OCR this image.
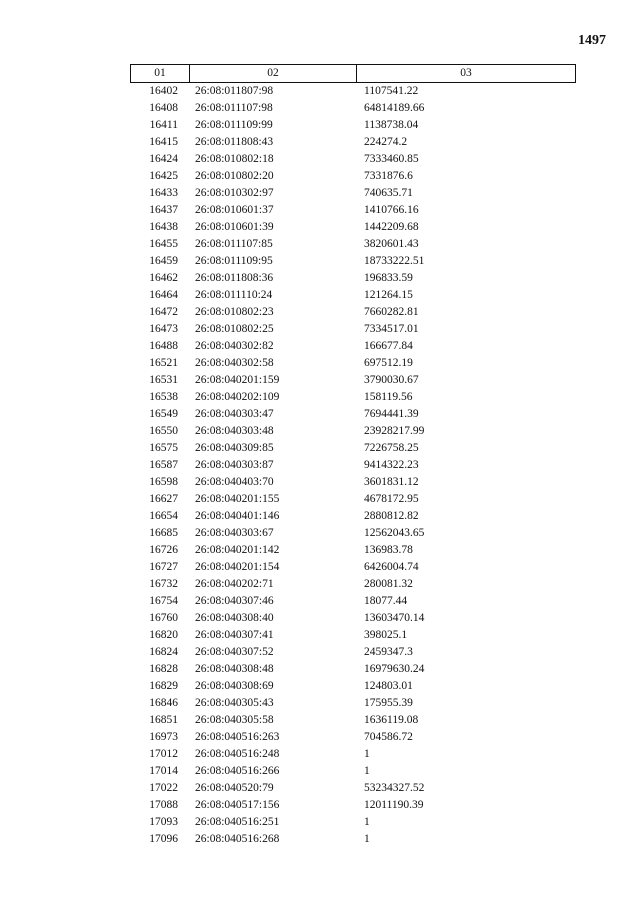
1497
01	02	03
16402	26:08:011807:98	1107541.22
16408	26:08:011107:98	64814189.66
16411	26:08:011109:99	1138738.04
16415	26:08:011808:43	224274.2
16424	26:08:010802:18	7333460.85
16425	26:08:010802:20	7331876.6
16433	26:08:010302:97	740635.71
16437	26:08:010601:37	1410766.16
16438	26:08:010601:39	1442209.68
16455	26:08:011107:85	3820601.43
16459	26:08:011109:95	18733222.51
16462	26:08:011808:36	196833.59
16464	26:08:011110:24	121264.15
16472	26:08:010802:23	7660282.81
16473	26:08:010802:25	7334517.01
16488	26:08:040302:82	166677.84
16521	26:08:040302:58	697512.19
16531	26:08:040201:159	3790030.67
16538	26:08:040202:109	158119.56
16549	26:08:040303:47	7694441.39
16550	26:08:040303:48	23928217.99
16575	26:08:040309:85	7226758.25
16587	26:08:040303:87	9414322.23
16598	26:08:040403:70	3601831.12
16627	26:08:040201:155	4678172.95
16654	26:08:040401:146	2880812.82
16685	26:08:040303:67	12562043.65
16726	26:08:040201:142	136983.78
16727	26:08:040201:154	6426004.74
16732	26:08:040202:71	280081.32
16754	26:08:040307:46	18077.44
16760	26:08:040308:40	13603470.14
16820	26:08:040307:41	398025.1
16824	26:08:040307:52	2459347.3
16828	26:08:040308:48	16979630.24
16829	26:08:040308:69	124803.01
16846	26:08:040305:43	175955.39
16851	26:08:040305:58	1636119.08
16973	26:08:040516:263	704586.72
17012	26:08:040516:248	1
17014	26:08:040516:266	1
17022	26:08:040520:79	53234327.52
17088	26:08:040517:156	12011190.39
17093	26:08:040516:251	1
17096	26:08:040516:268	1
